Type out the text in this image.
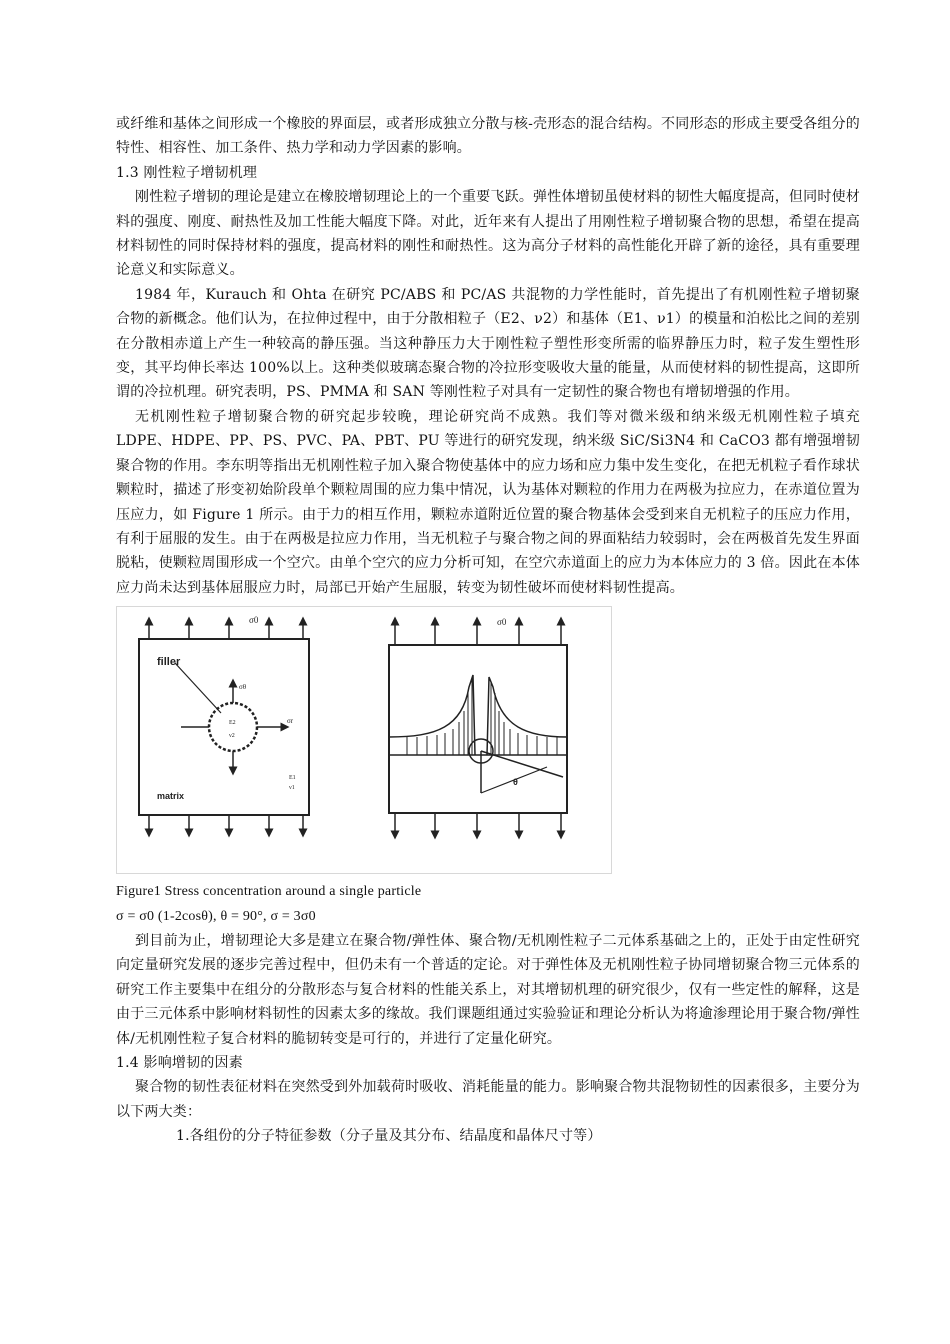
或纤维和基体之间形成一个橡胶的界面层，或者形成独立分散与核-壳形态的混合结构。不同形态的形成主要受各组分的特性、相容性、加工条件、热力学和动力学因素的影响。

1.3 刚性粒子增韧机理

刚性粒子增韧的理论是建立在橡胶增韧理论上的一个重要飞跃。弹性体增韧虽使材料的韧性大幅度提高，但同时使材料的强度、刚度、耐热性及加工性能大幅度下降。对此，近年来有人提出了用刚性粒子增韧聚合物的思想，希望在提高材料韧性的同时保持材料的强度，提高材料的刚性和耐热性。这为高分子材料的高性能化开辟了新的途径，具有重要理论意义和实际意义。

1984 年，Kurauch 和 Ohta 在研究 PC/ABS 和 PC/AS 共混物的力学性能时，首先提出了有机刚性粒子增韧聚合物的新概念。他们认为，在拉伸过程中，由于分散相粒子（E2、ν2）和基体（E1、ν1）的模量和泊松比之间的差别在分散相赤道上产生一种较高的静压强。当这种静压力大于刚性粒子塑性形变所需的临界静压力时，粒子发生塑性形变，其平均伸长率达 100%以上。这种类似玻璃态聚合物的冷拉形变吸收大量的能量，从而使材料的韧性提高，这即所谓的冷拉机理。研究表明，PS、PMMA 和 SAN 等刚性粒子对具有一定韧性的聚合物也有增韧增强的作用。

无机刚性粒子增韧聚合物的研究起步较晚，理论研究尚不成熟。我们等对微米级和纳米级无机刚性粒子填充 LDPE、HDPE、PP、PS、PVC、PA、PBT、PU 等进行的研究发现，纳米级 SiC/Si3N4 和 CaCO3 都有增强增韧聚合物的作用。李东明等指出无机刚性粒子加入聚合物使基体中的应力场和应力集中发生变化，在把无机粒子看作球状颗粒时，描述了形变初始阶段单个颗粒周围的应力集中情况，认为基体对颗粒的作用力在两极为拉应力，在赤道位置为压应力，如 Figure 1 所示。由于力的相互作用，颗粒赤道附近位置的聚合物基体会受到来自无机粒子的压应力作用，有利于屈服的发生。由于在两极是拉应力作用，当无机粒子与聚合物之间的界面粘结力较弱时，会在两极首先发生界面脱粘，使颗粒周围形成一个空穴。由单个空穴的应力分析可知，在空穴赤道面上的应力为本体应力的 3 倍。因此在本体应力尚未达到基体屈服应力时，局部已开始产生屈服，转变为韧性破坏而使材料韧性提高。

filler
σ0
σθ
σr
E2
ν2
E1
ν1
matrix
σ0
θ

Figure1 Stress concentration around a single particle

σ = σ0 (1-2cosθ), θ = 90°, σ = 3σ0

到目前为止，增韧理论大多是建立在聚合物/弹性体、聚合物/无机刚性粒子二元体系基础之上的，正处于由定性研究向定量研究发展的逐步完善过程中，但仍未有一个普适的定论。对于弹性体及无机刚性粒子协同增韧聚合物三元体系的研究工作主要集中在组分的分散形态与复合材料的性能关系上，对其增韧机理的研究很少，仅有一些定性的解释，这是由于三元体系中影响材料韧性的因素太多的缘故。我们课题组通过实验验证和理论分析认为将逾渗理论用于聚合物/弹性体/无机刚性粒子复合材料的脆韧转变是可行的，并进行了定量化研究。

1.4 影响增韧的因素

聚合物的韧性表征材料在突然受到外加载荷时吸收、消耗能量的能力。影响聚合物共混物韧性的因素很多，主要分为以下两大类：

1.各组份的分子特征参数（分子量及其分布、结晶度和晶体尺寸等）
